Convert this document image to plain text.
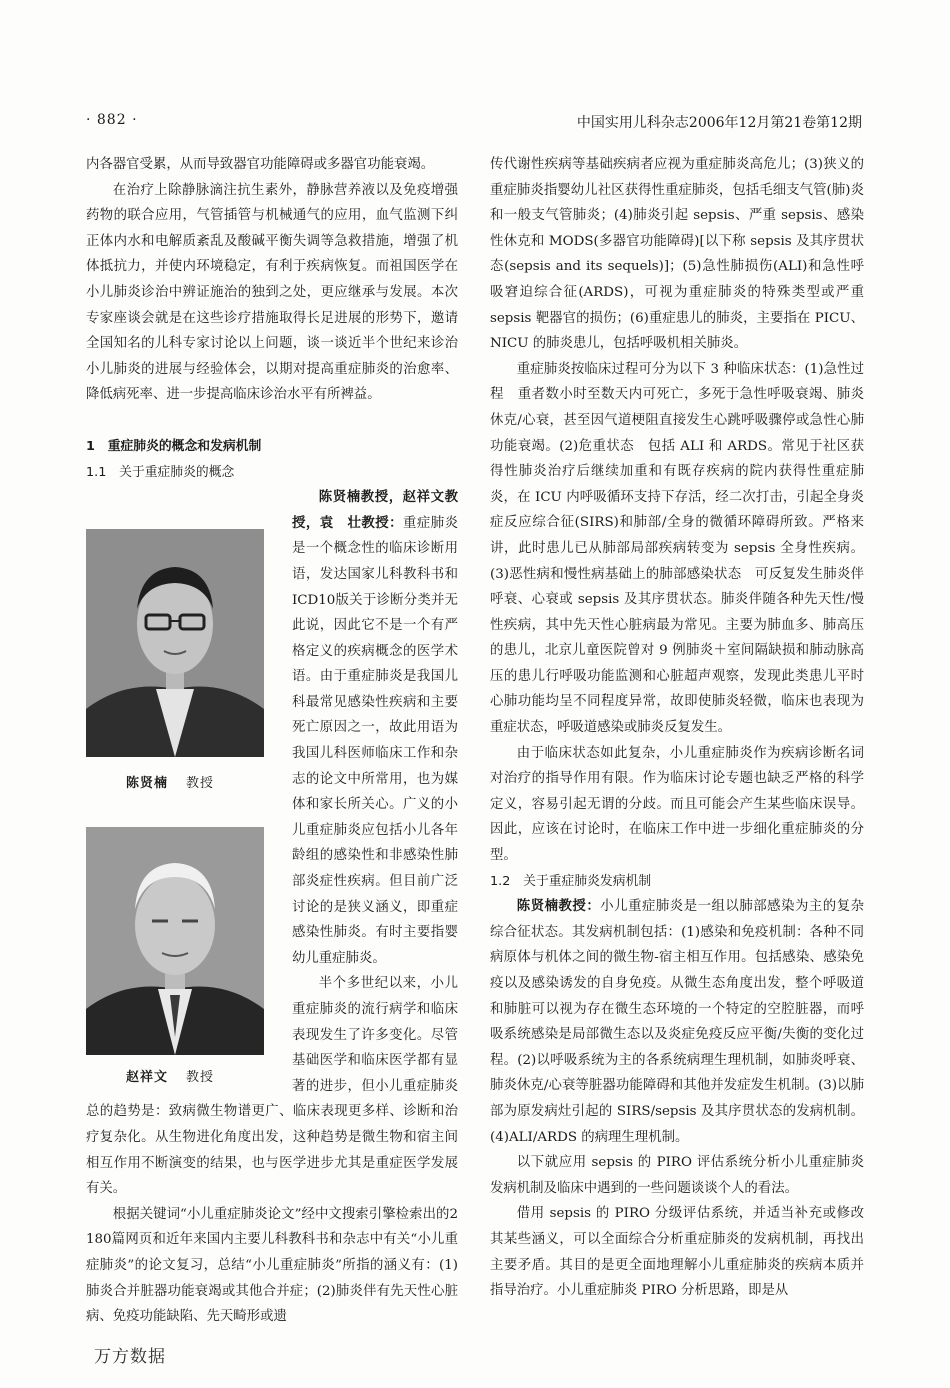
· 882 ·	中国实用儿科杂志2006年12月第21卷第12期

内各器官受累，从而导致器官功能障碍或多器官功能衰竭。

在治疗上除静脉滴注抗生素外，静脉营养液以及免疫增强药物的联合应用，气管插管与机械通气的应用，血气监测下纠正体内水和电解质紊乱及酸碱平衡失调等急救措施，增强了机体抵抗力，并使内环境稳定，有利于疾病恢复。而祖国医学在小儿肺炎诊治中辨证施治的独到之处，更应继承与发展。本次专家座谈会就是在这些诊疗措施取得长足进展的形势下，邀请全国知名的儿科专家讨论以上问题，谈一谈近半个世纪来诊治小儿肺炎的进展与经验体会，以期对提高重症肺炎的治愈率、降低病死率、进一步提高临床诊治水平有所裨益。

1　重症肺炎的概念和发病机制
1.1　关于重症肺炎的概念
陈贤楠 教授
赵祥文 教授

陈贤楠教授，赵祥文教授，袁　壮教授：重症肺炎是一个概念性的临床诊断用语，发达国家儿科教科书和ICD10版关于诊断分类并无此说，因此它不是一个有严格定义的疾病概念的医学术语。由于重症肺炎是我国儿科最常见感染性疾病和主要死亡原因之一，故此用语为我国儿科医师临床工作和杂志的论文中所常用，也为媒体和家长所关心。广义的小儿重症肺炎应包括小儿各年龄组的感染性和非感染性肺部炎症性疾病。但目前广泛讨论的是狭义涵义，即重症感染性肺炎。有时主要指婴幼儿重症肺炎。

半个多世纪以来，小儿重症肺炎的流行病学和临床表现发生了许多变化。尽管基础医学和临床医学都有显著的进步，但小儿重症肺炎总的趋势是：致病微生物谱更广、临床表现更多样、诊断和治疗复杂化。从生物进化角度出发，这种趋势是微生物和宿主间相互作用不断演变的结果，也与医学进步尤其是重症医学发展有关。

根据关键词“小儿重症肺炎论文”经中文搜索引擎检索出的2 180篇网页和近年来国内主要儿科教科书和杂志中有关“小儿重症肺炎”的论文复习，总结“小儿重症肺炎”所指的涵义有：(1)肺炎合并脏器功能衰竭或其他合并症；(2)肺炎伴有先天性心脏病、免疫功能缺陷、先天畸形或遗

传代谢性疾病等基础疾病者应视为重症肺炎高危儿；(3)狭义的重症肺炎指婴幼儿社区获得性重症肺炎，包括毛细支气管(肺)炎和一般支气管肺炎；(4)肺炎引起 sepsis、严重 sepsis、感染性休克和 MODS(多器官功能障碍)[以下称 sepsis 及其序贯状态(sepsis and its sequels)]；(5)急性肺损伤(ALI)和急性呼吸窘迫综合征(ARDS)，可视为重症肺炎的特殊类型或严重 sepsis 靶器官的损伤；(6)重症患儿的肺炎，主要指在 PICU、NICU 的肺炎患儿，包括呼吸机相关肺炎。

重症肺炎按临床过程可分为以下 3 种临床状态：(1)急性过程　重者数小时至数天内可死亡，多死于急性呼吸衰竭、肺炎休克/心衰，甚至因气道梗阻直接发生心跳呼吸骤停或急性心肺功能衰竭。(2)危重状态　包括 ALI 和 ARDS。常见于社区获得性肺炎治疗后继续加重和有既存疾病的院内获得性重症肺炎，在 ICU 内呼吸循环支持下存活，经二次打击，引起全身炎症反应综合征(SIRS)和肺部/全身的微循环障碍所致。严格来讲，此时患儿已从肺部局部疾病转变为 sepsis 全身性疾病。(3)恶性病和慢性病基础上的肺部感染状态　可反复发生肺炎伴呼衰、心衰或 sepsis 及其序贯状态。肺炎伴随各种先天性/慢性疾病，其中先天性心脏病最为常见。主要为肺血多、肺高压的患儿，北京儿童医院曾对 9 例肺炎＋室间隔缺损和肺动脉高压的患儿行呼吸功能监测和心脏超声观察，发现此类患儿平时心肺功能均呈不同程度异常，故即使肺炎轻微，临床也表现为重症状态，呼吸道感染或肺炎反复发生。

由于临床状态如此复杂，小儿重症肺炎作为疾病诊断名词对治疗的指导作用有限。作为临床讨论专题也缺乏严格的科学定义，容易引起无谓的分歧。而且可能会产生某些临床误导。因此，应该在讨论时，在临床工作中进一步细化重症肺炎的分型。

1.2　关于重症肺炎发病机制

陈贤楠教授：小儿重症肺炎是一组以肺部感染为主的复杂综合征状态。其发病机制包括：(1)感染和免疫机制：各种不同病原体与机体之间的微生物-宿主相互作用。包括感染、感染免疫以及感染诱发的自身免疫。从微生态角度出发，整个呼吸道和肺脏可以视为存在微生态环境的一个特定的空腔脏器，而呼吸系统感染是局部微生态以及炎症免疫反应平衡/失衡的变化过程。(2)以呼吸系统为主的各系统病理生理机制，如肺炎呼衰、肺炎休克/心衰等脏器功能障碍和其他并发症发生机制。(3)以肺部为原发病灶引起的 SIRS/sepsis 及其序贯状态的发病机制。(4)ALI/ARDS 的病理生理机制。

以下就应用 sepsis 的 PIRO 评估系统分析小儿重症肺炎发病机制及临床中遇到的一些问题谈谈个人的看法。

借用 sepsis 的 PIRO 分级评估系统，并适当补充或修改其某些涵义，可以全面综合分析重症肺炎的发病机制，再找出主要矛盾。其目的是更全面地理解小儿重症肺炎的疾病本质并指导治疗。小儿重症肺炎 PIRO 分析思路，即是从

万方数据
